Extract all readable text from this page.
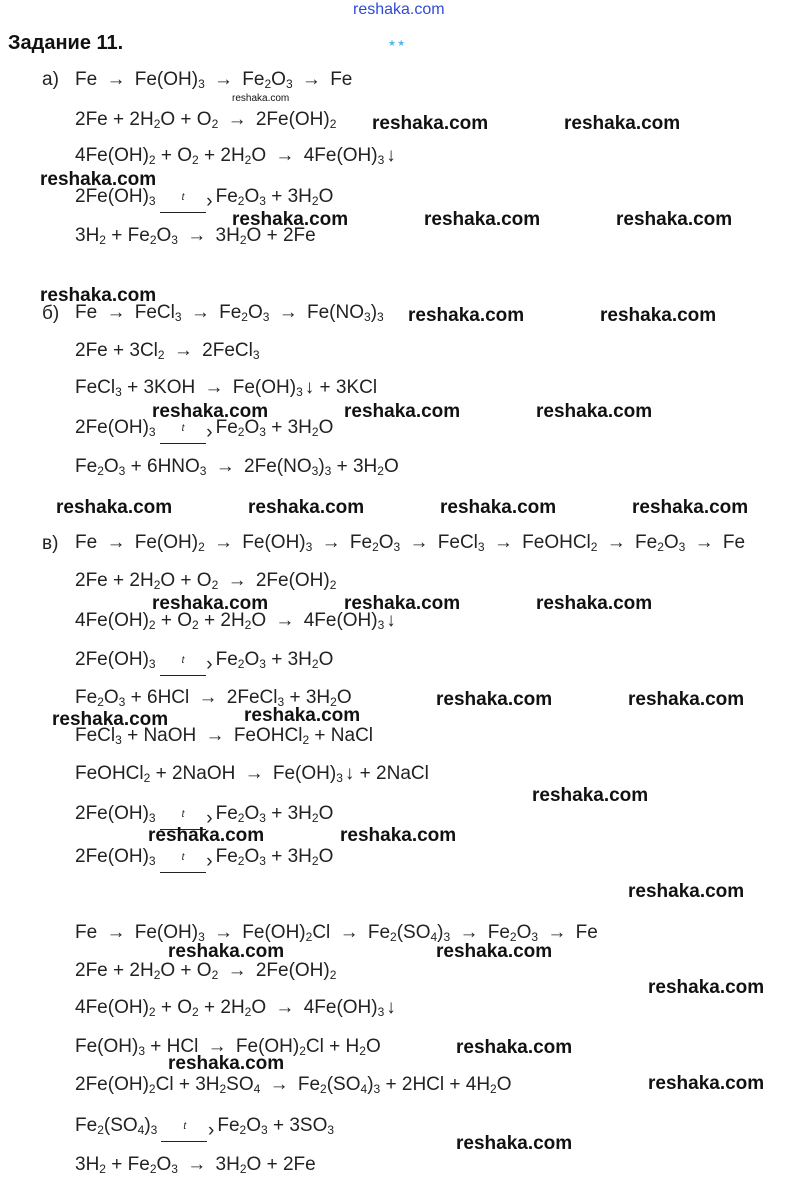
reshaka.com
★★
Задание 11.
а)
б)
в)
$Fe \to Fe(OH)_3 \to Fe_2O_3 \to Fe$
$2Fe + 2H_2O + O_2 \to 2Fe(OH)_2$
$4Fe(OH)_2 + O_2 + 2H_2O \to 4Fe(OH)_3$ ↓
$2Fe(OH)_3$	› $Fe_2O_3 + 3H_2O$
$3H_2 + Fe_2O_3 \to 3H_2O + 2Fe$
Fe → FeCl$_3$ → $Fe_2O_3 \to Fe(NO_3)_3$
$2Fe + 3Cl_2$ → 2FeCl$_3$
FeCl$_3$ + $3KOH \to Fe(OH)_3$ ↓ + 3KCl
$2Fe(OH)_3$	› $Fe_2O_3 + 3H_2O$
$Fe_2O_3 + 6HNO_3 \to 2Fe(NO_3)_3 + 3H_2O$
$Fe \to Fe(OH)_2 \to Fe(OH)_3 \to Fe_2O_3$ → FeCl$_3$ → FeOHCl$_2$ → $Fe_2O_3 \to Fe$
$2Fe + 2H_2O + O_2 \to 2Fe(OH)_2$
$4Fe(OH)_2 + O_2 + 2H_2O \to 4Fe(OH)_3$ ↓
$2Fe(OH)_3$	› $Fe_2O_3 + 3H_2O$
$Fe_2O_3 + 6HCl$ → 2FeCl$_3$ + $3H_2O$
FeCl$_3$ + NaOH → FeOHCl$_2$ + NaCl
FeOHCl$_2$ + 2NaOH → $Fe(OH)_3$ ↓ + 2NaCl
$2Fe(OH)_3$	› $Fe_2O_3 + 3H_2O$
$2Fe(OH)_3$	› $Fe_2O_3 + 3H_2O$
$Fe \to Fe(OH)_3 \to Fe(OH)_2Cl \to Fe_2(SO_4)_3 \to Fe_2O_3 \to Fe$
$2Fe + 2H_2O + O_2 \to 2Fe(OH)_2$
$4Fe(OH)_2 + O_2 + 2H_2O \to 4Fe(OH)_3$ ↓
$Fe(OH)_3$ + HCl → $Fe(OH)_2Cl + H_2O$
$2Fe(OH)_2Cl + 3H_2SO_4 \to Fe_2(SO_4)_3 + 2HCl + 4H_2O$
$Fe_2(SO_4)_3$	› $Fe_2O_3 + 3SO_3$
$3H_2 + Fe_2O_3 \to 3H_2O + 2Fe$
reshaka.com
reshaka.com	reshaka.com
reshaka.com
reshaka.com	reshaka.com	reshaka.com
reshaka.com
reshaka.com	reshaka.com
reshaka.com	reshaka.com	reshaka.com
reshaka.com	reshaka.com	reshaka.com	reshaka.com
reshaka.com	reshaka.com	reshaka.com
reshaka.com	reshaka.com
reshaka.com
reshaka.com
reshaka.com
reshaka.com	reshaka.com
reshaka.com
reshaka.com	reshaka.com
reshaka.com
reshaka.com
reshaka.com
reshaka.com
reshaka.com
